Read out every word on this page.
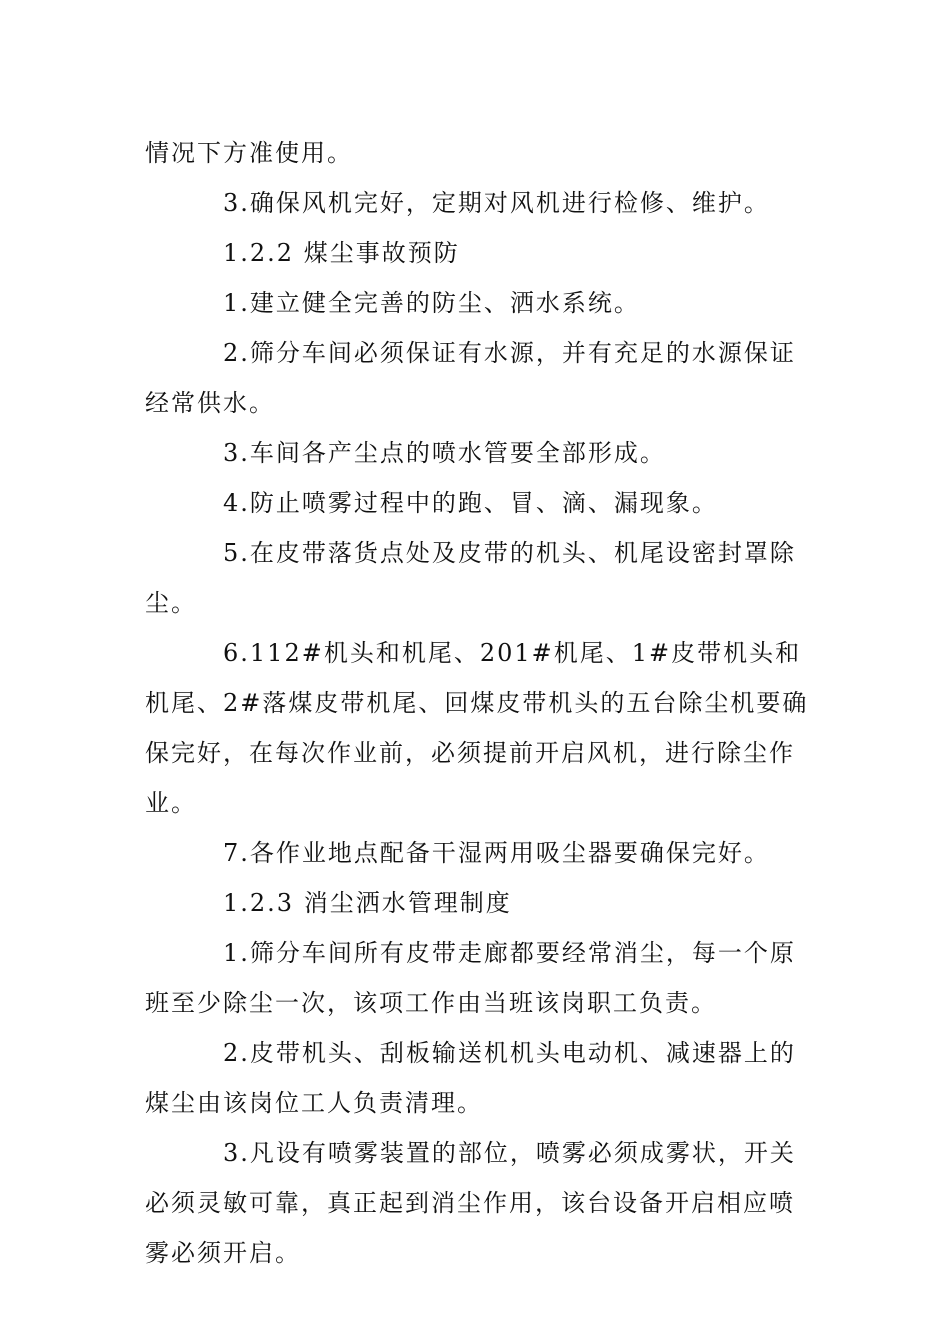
情况下方准使用。

3.确保风机完好，定期对风机进行检修、维护。

1.2.2 煤尘事故预防

1.建立健全完善的防尘、洒水系统。

2.筛分车间必须保证有水源，并有充足的水源保证经常供水。

3.车间各产尘点的喷水管要全部形成。

4.防止喷雾过程中的跑、冒、滴、漏现象。

5.在皮带落货点处及皮带的机头、机尾设密封罩除尘。

6.112#机头和机尾、201#机尾、1#皮带机头和机尾、2#落煤皮带机尾、回煤皮带机头的五台除尘机要确保完好，在每次作业前，必须提前开启风机，进行除尘作业。

7.各作业地点配备干湿两用吸尘器要确保完好。

1.2.3 消尘洒水管理制度

1.筛分车间所有皮带走廊都要经常消尘，每一个原班至少除尘一次，该项工作由当班该岗职工负责。

2.皮带机头、刮板输送机机头电动机、减速器上的煤尘由该岗位工人负责清理。

3.凡设有喷雾装置的部位，喷雾必须成雾状，开关必须灵敏可靠，真正起到消尘作用，该台设备开启相应喷雾必须开启。
